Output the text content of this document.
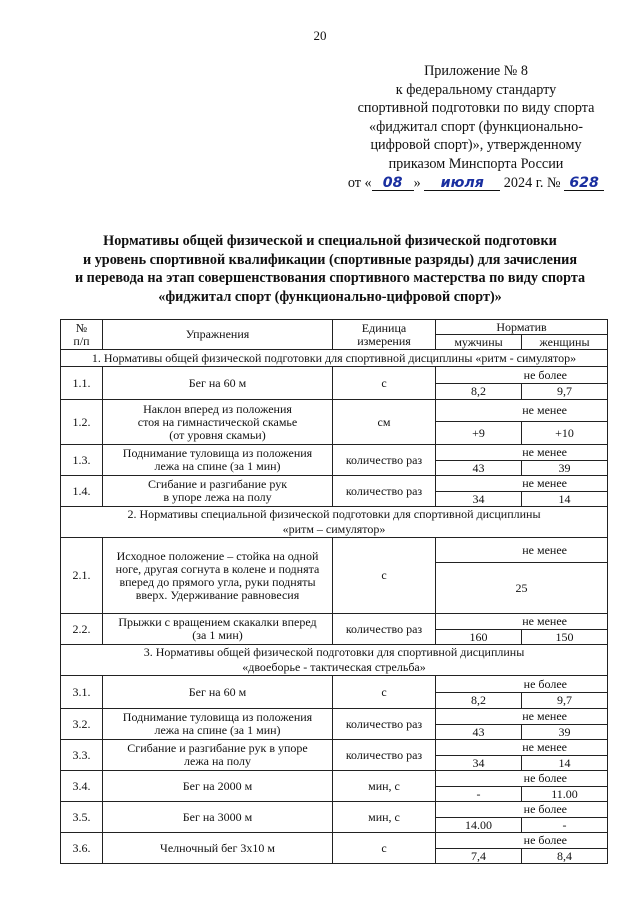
20
Приложение № 8
к федеральному стандарту
спортивной подготовки по виду спорта
«фиджитал спорт (функционально-
цифровой спорт)», утвержденному
приказом Минспорта России
от « 08 » июля 2024 г. № 628
Нормативы общей физической и специальной физической подготовки
и уровень спортивной квалификации (спортивные разряды) для зачисления
и перевода на этап совершенствования спортивного мастерства по виду спорта
«фиджитал спорт (функционально-цифровой спорт)»
№
п/п	Упражнения	Единица
измерения	Норматив	
			мужчины	женщины
1. Нормативы общей физической подготовки для спортивной дисциплины «ритм - симулятор»				
1.1.	Бег на 60 м	с	не более	
			8,2	9,7
1.2.	Наклон вперед из положения
стоя на гимнастической скамье
(от уровня скамьи)	см	не менее	
			+9	+10
1.3.	Поднимание туловища из положения
лежа на спине (за 1 мин)	количество раз	не менее	
			43	39
1.4.	Сгибание и разгибание рук
в упоре лежа на полу	количество раз	не менее	
			34	14
2. Нормативы специальной физической подготовки для спортивной дисциплины
«ритм – симулятор»				
2.1.	Исходное положение – стойка на одной
ноге, другая согнута в колене и поднята
вперед до прямого угла, руки подняты
вверх. Удерживание равновесия	с	не менее	
			25	
2.2.	Прыжки с вращением скакалки вперед
(за 1 мин)	количество раз	не менее	
			160	150
3. Нормативы общей физической подготовки для спортивной дисциплины
«двоеборье - тактическая стрельба»				
3.1.	Бег на 60 м	с	не более	
			8,2	9,7
3.2.	Поднимание туловища из положения
лежа на спине (за 1 мин)	количество раз	не менее	
			43	39
3.3.	Сгибание и разгибание рук в упоре
лежа на полу	количество раз	не менее	
			34	14
3.4.	Бег на 2000 м	мин, с	не более	
			-	11.00
3.5.	Бег на 3000 м	мин, с	не более	
			14.00	-
3.6.	Челночный бег 3х10 м	с	не более	
			7,4	8,4
